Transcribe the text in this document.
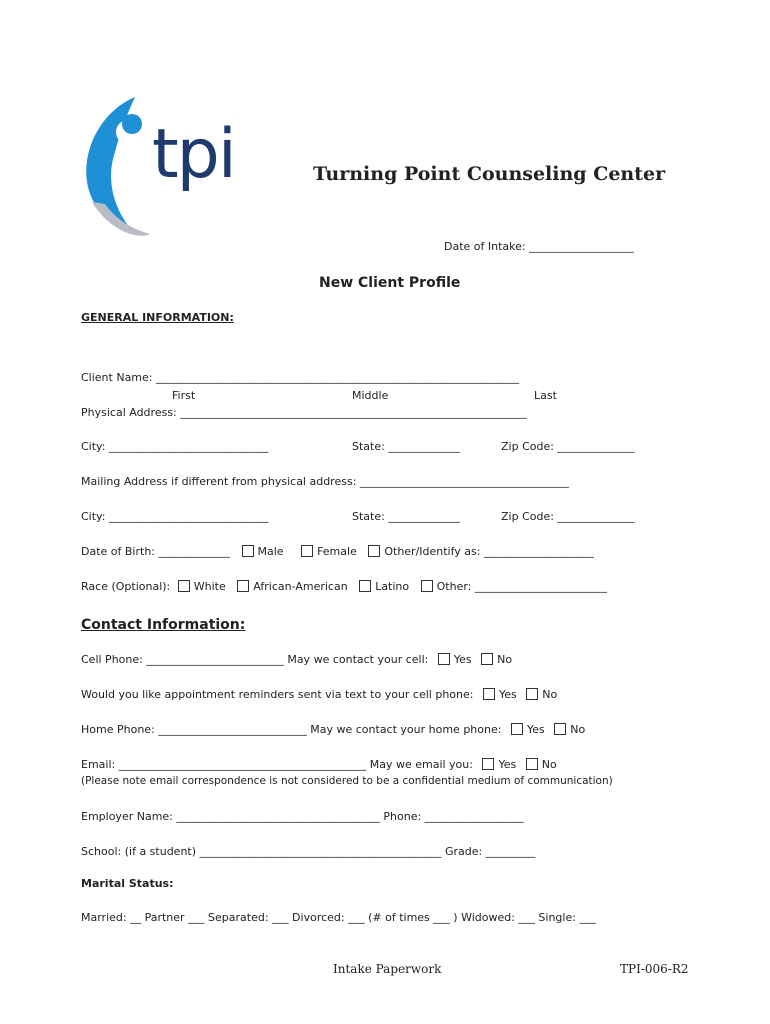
tpi	Turning Point Counseling Center
Date of Intake: ___________________
New Client Profile
GENERAL INFORMATION:
Client Name: __________________________________________________________________
First	Middle	Last
Physical Address: _______________________________________________________________
City: _____________________________	State: _____________	Zip Code: ______________
Mailing Address if different from physical address: ______________________________________
City: _____________________________	State: _____________	Zip Code: ______________
Date of Birth: _____________	Male	Female	Other/Identify as: ____________________
Race (Optional): White	African-American	Latino	Other: ________________________
Contact Information:
Cell Phone: _________________________ May we contact your cell: Yes No
Would you like appointment reminders sent via text to your cell phone: Yes No
Home Phone: ___________________________ May we contact your home phone: Yes No
Email: _____________________________________________ May we email you: Yes No
(Please note email correspondence is not considered to be a confidential medium of communication)
Employer Name: _____________________________________ Phone: __________________
School: (if a student) ____________________________________________ Grade: _________
Marital Status:
Married: __ Partner ___ Separated: ___ Divorced: ___ (# of times ___ ) Widowed: ___ Single: ___
Intake Paperwork	TPI-006-R2
